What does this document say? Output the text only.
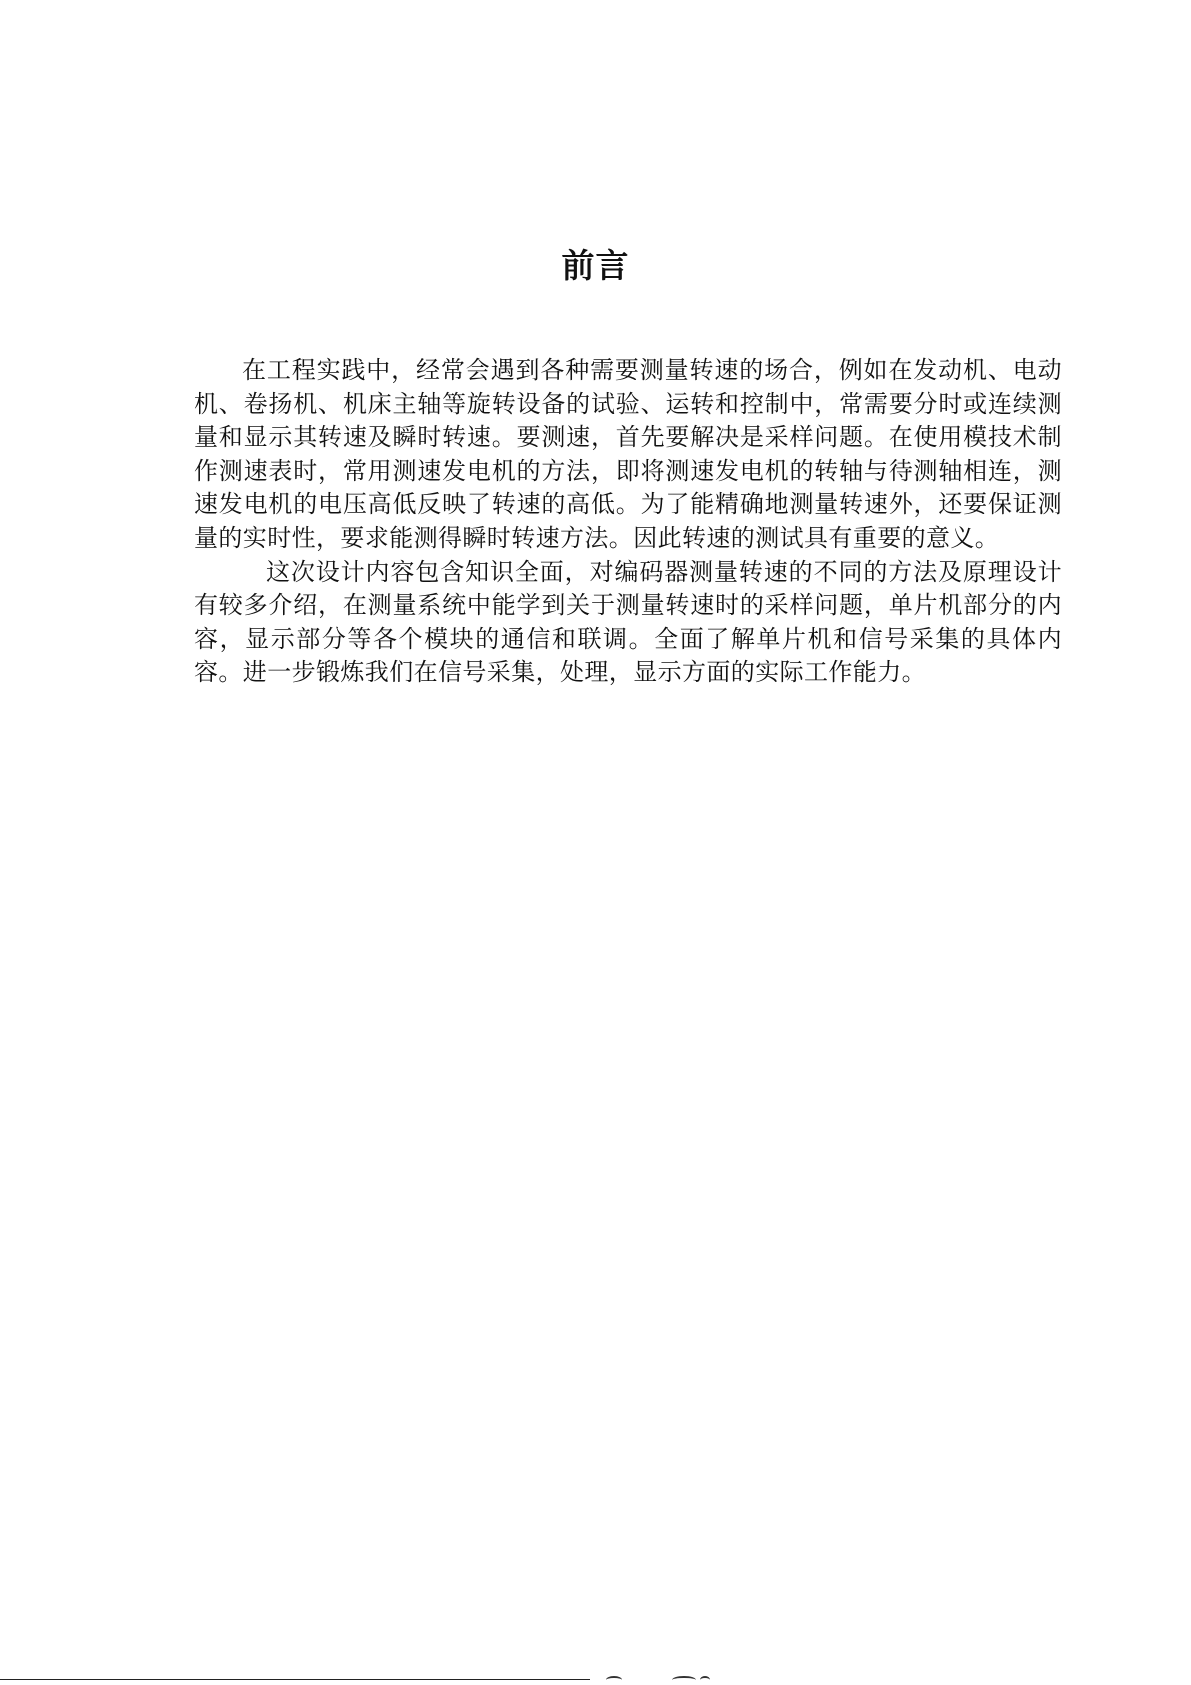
前言

在工程实践中，经常会遇到各种需要测量转速的场合，例如在发动机、电动机、卷扬机、机床主轴等旋转设备的试验、运转和控制中，常需要分时或连续测量和显示其转速及瞬时转速。要测速，首先要解决是采样问题。在使用模技术制作测速表时，常用测速发电机的方法，即将测速发电机的转轴与待测轴相连，测速发电机的电压高低反映了转速的高低。为了能精确地测量转速外，还要保证测量的实时性，要求能测得瞬时转速方法。因此转速的测试具有重要的意义。

这次设计内容包含知识全面，对编码器测量转速的不同的方法及原理设计有较多介绍，在测量系统中能学到关于测量转速时的采样问题，单片机部分的内容，显示部分等各个模块的通信和联调。全面了解单片机和信号采集的具体内容。进一步锻炼我们在信号采集，处理，显示方面的实际工作能力。
